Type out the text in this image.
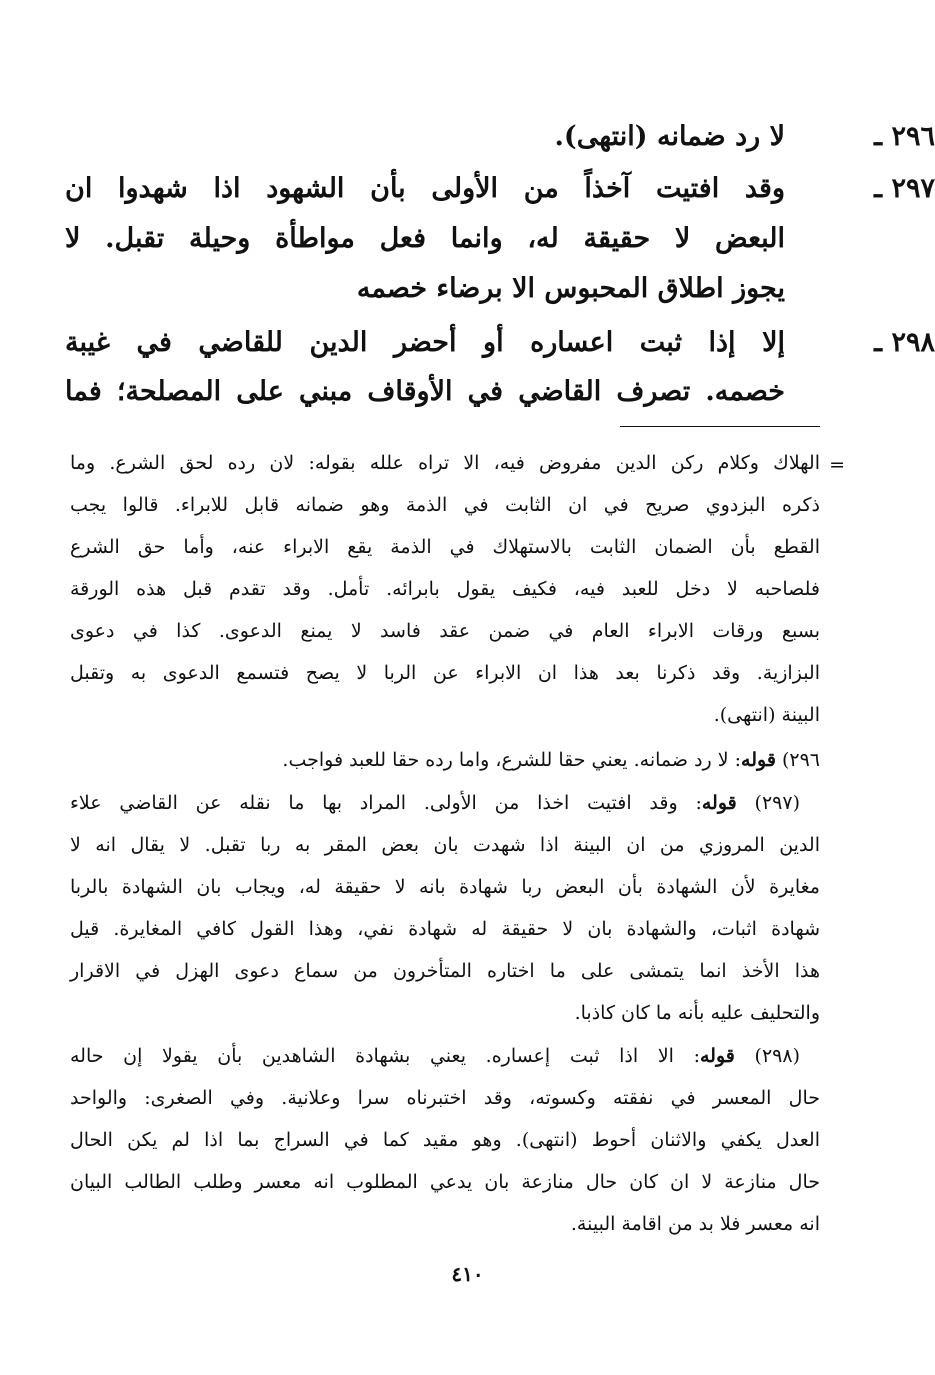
٢٩٦ ـ
لا رد ضمانه (انتهى).
٢٩٧ ـ
وقد افتيت آخذاً من الأولى بأن الشهود اذا شهدوا ان
البعض لا حقيقة له، وانما فعل مواطأة وحيلة تقبل. لا
يجوز اطلاق المحبوس الا برضاء خصمه
٢٩٨ ـ
إلا إذا ثبت اعساره أو أحضر الدين للقاضي في غيبة
خصمه. تصرف القاضي في الأوقاف مبني على المصلحة؛ فما
=
الهلاك وكلام ركن الدين مفروض فيه، الا تراه علله بقوله: لان رده لحق الشرع. وما
ذكره البزدوي صريح في ان الثابت في الذمة وهو ضمانه قابل للابراء. قالوا يجب
القطع بأن الضمان الثابت بالاستهلاك في الذمة يقع الابراء عنه، وأما حق الشرع
فلصاحبه لا دخل للعبد فيه، فكيف يقول بابرائه. تأمل. وقد تقدم قبل هذه الورقة
بسبع ورقات الابراء العام في ضمن عقد فاسد لا يمنع الدعوى. كذا في دعوى
البزازية. وقد ذكرنا بعد هذا ان الابراء عن الربا لا يصح فتسمع الدعوى به وتقبل
البينة (انتهى).
٢٩٦) قوله: لا رد ضمانه. يعني حقا للشرع، واما رده حقا للعبد فواجب.
(٢٩٧) قوله: وقد افتيت اخذا من الأولى. المراد بها ما نقله عن القاضي علاء
الدين المروزي من ان البينة اذا شهدت بان بعض المقر به ربا تقبل. لا يقال انه لا
مغايرة لأن الشهادة بأن البعض ربا شهادة بانه لا حقيقة له، ويجاب بان الشهادة بالربا
شهادة اثبات، والشهادة بان لا حقيقة له شهادة نفي، وهذا القول كافي المغايرة. قيل
هذا الأخذ انما يتمشى على ما اختاره المتأخرون من سماع دعوى الهزل في الاقرار
والتحليف عليه بأنه ما كان كاذبا.
(٢٩٨) قوله: الا اذا ثبت إعساره. يعني بشهادة الشاهدين بأن يقولا إن حاله
حال المعسر في نفقته وكسوته، وقد اختبرناه سرا وعلانية. وفي الصغرى: والواحد
العدل يكفي والاثنان أحوط (انتهى). وهو مقيد كما في السراج بما اذا لم يكن الحال
حال منازعة لا ان كان حال منازعة بان يدعي المطلوب انه معسر وطلب الطالب البيان
انه معسر فلا بد من اقامة البينة.
٤١٠
